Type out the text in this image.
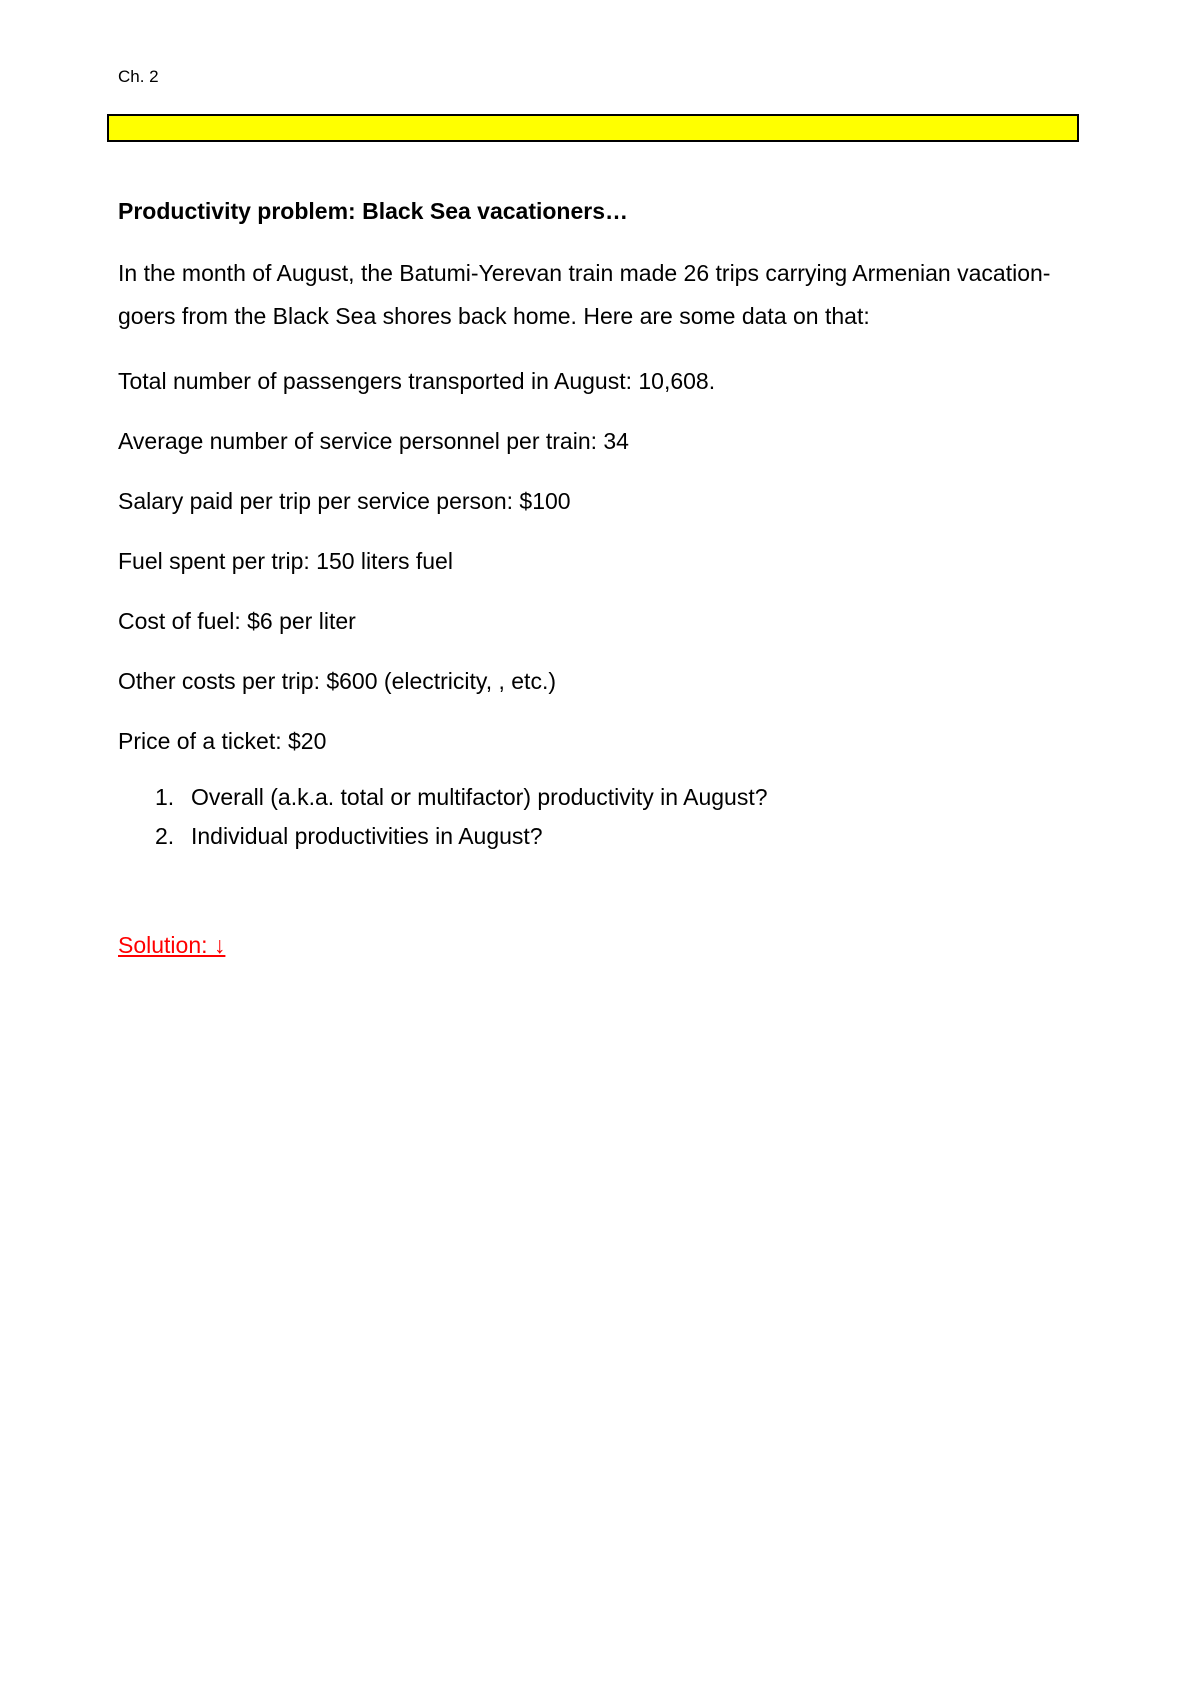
Ch. 2

Productivity problem: Black Sea vacationers…

In the month of August, the Batumi-Yerevan train made 26 trips carrying Armenian vacation-goers from the Black Sea shores back home. Here are some data on that:

Total number of passengers transported in August: 10,608.

Average number of service personnel per train: 34

Salary paid per trip per service person: $100

Fuel spent per trip: 150 liters fuel

Cost of fuel: $6 per liter

Other costs per trip: $600 (electricity, , etc.)

Price of a ticket: $20

1. Overall (a.k.a. total or multifactor) productivity in August?
2. Individual productivities in August?
Solution: ↓
